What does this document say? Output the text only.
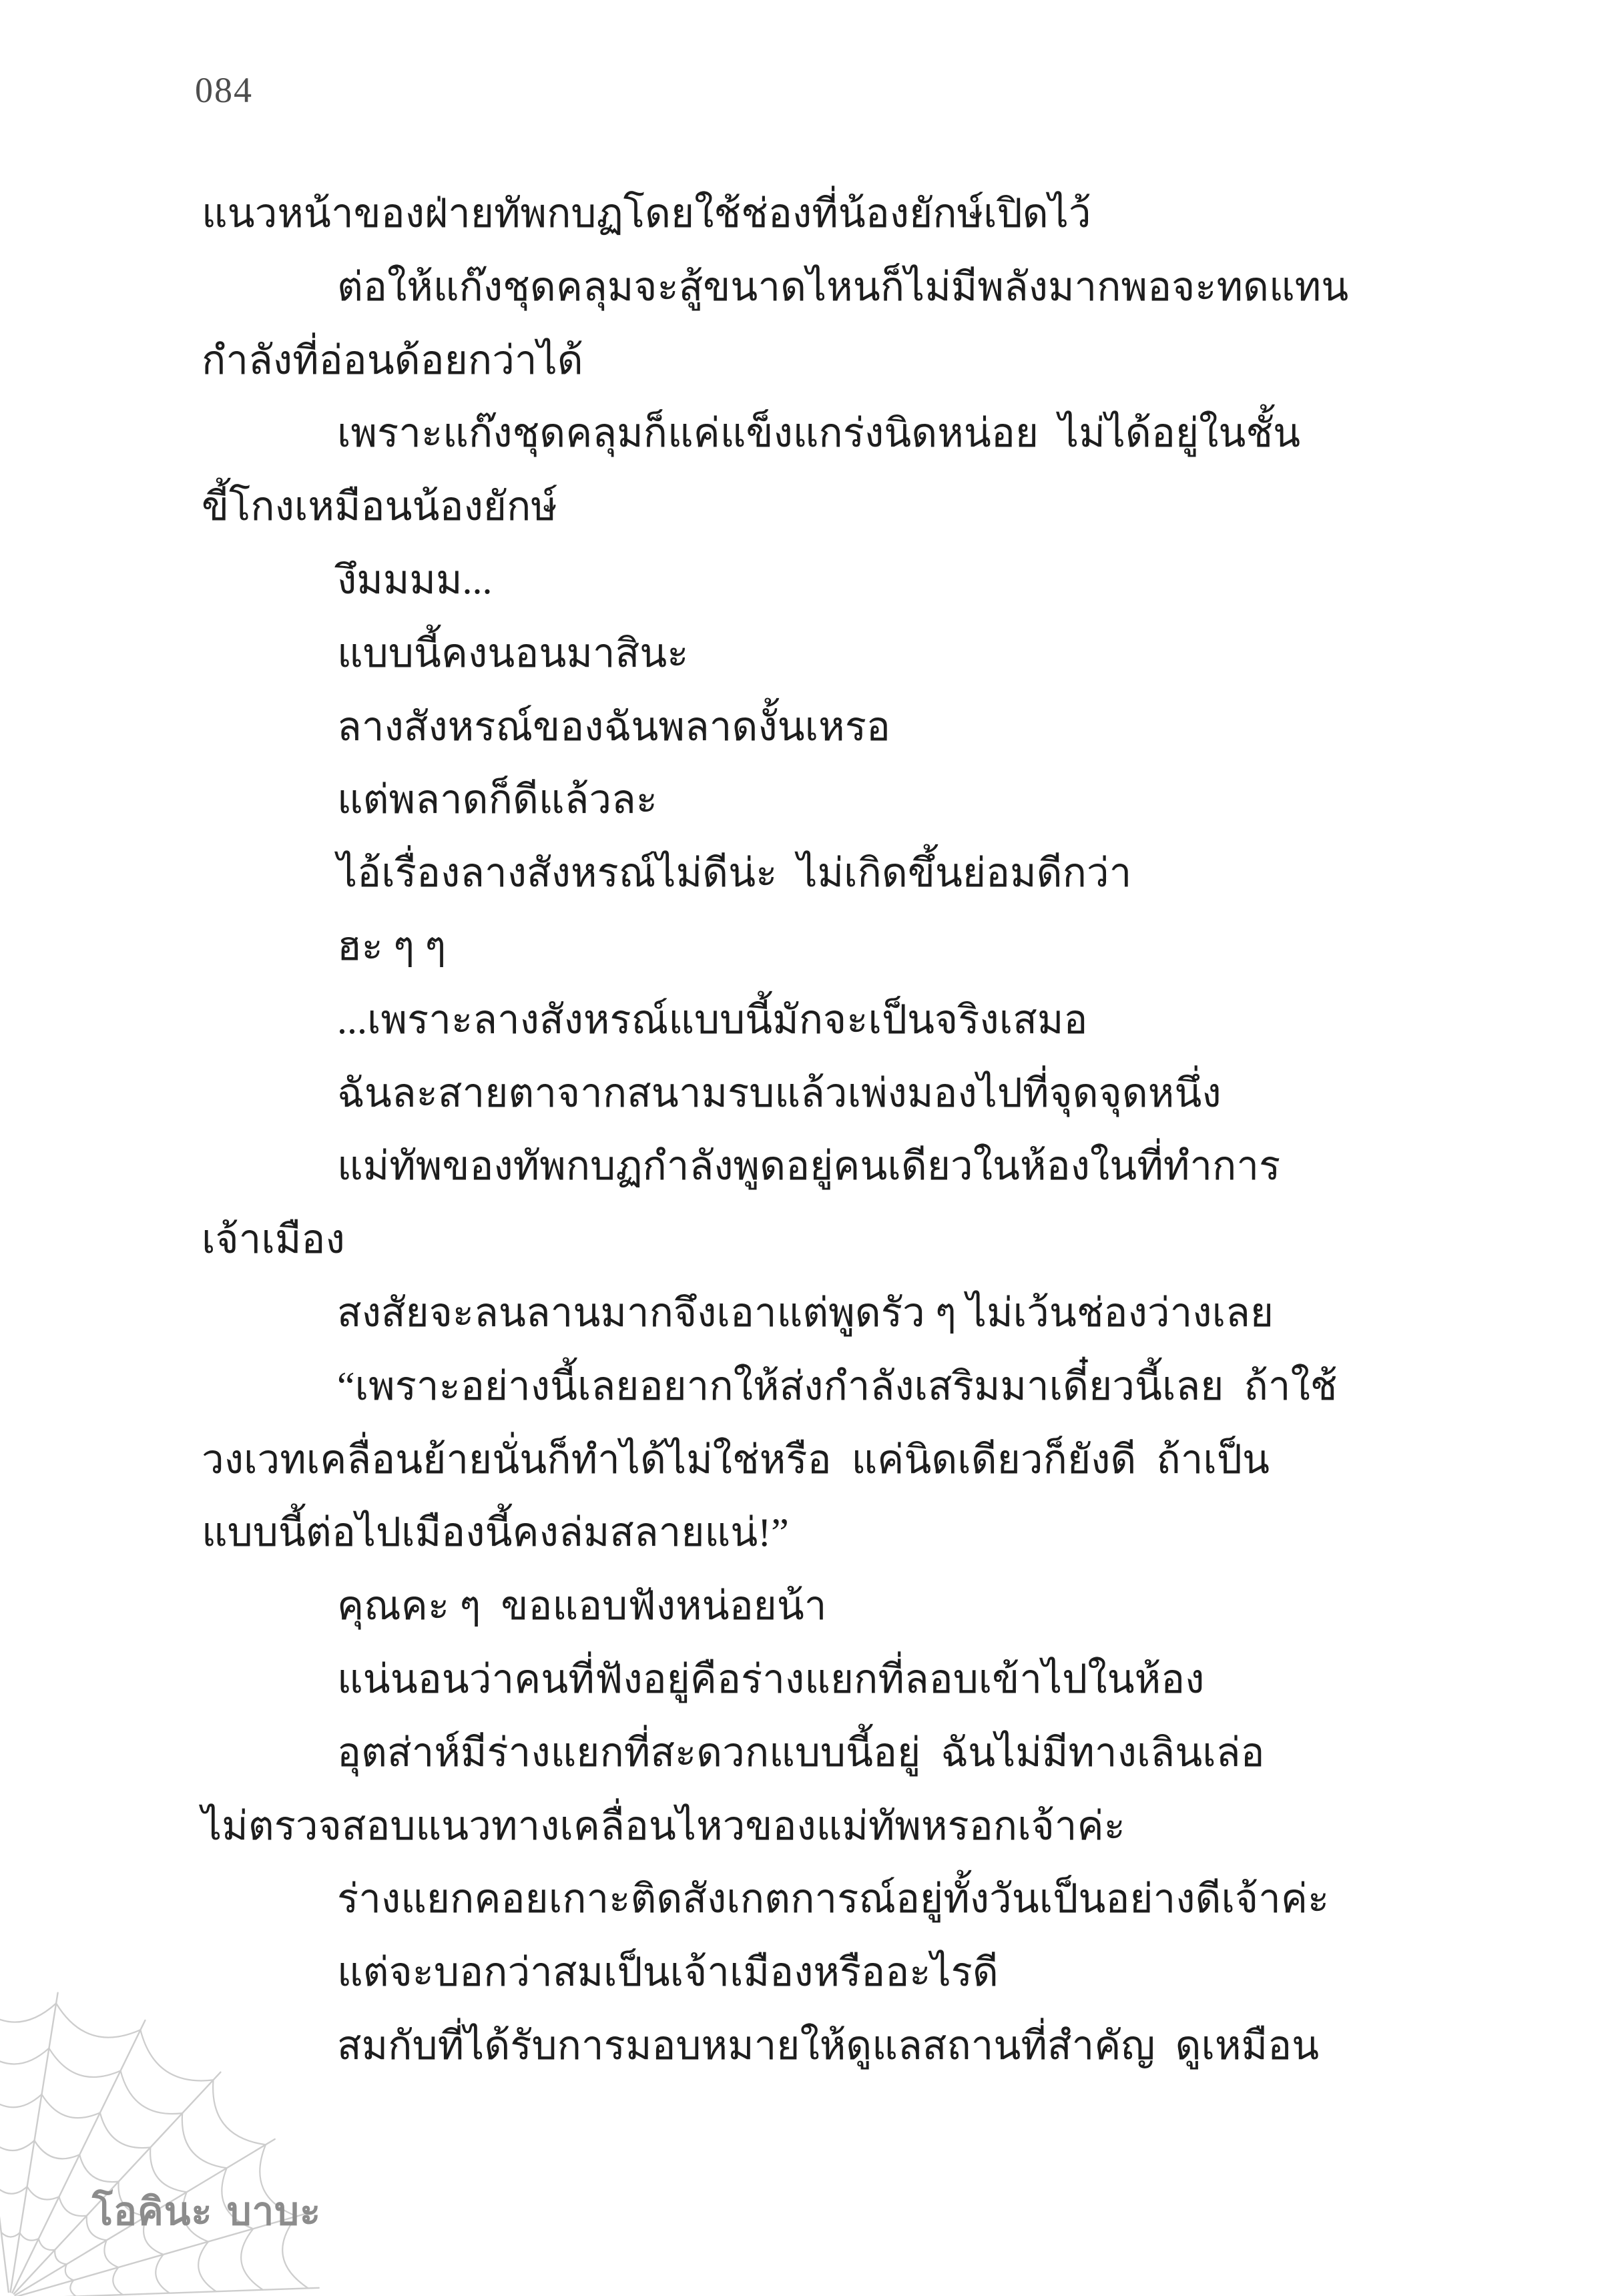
084
แนวหน้าของฝ่ายทัพกบฏโดยใช้ช่องที่น้องยักษ์เปิดไว้
ต่อให้แก๊งชุดคลุมจะสู้ขนาดไหนก็ไม่มีพลังมากพอจะทดแทน
กำลังที่อ่อนด้อยกว่าได้
เพราะแก๊งชุดคลุมก็แค่แข็งแกร่งนิดหน่อย  ไม่ได้อยู่ในชั้น
ขี้โกงเหมือนน้องยักษ์
งึมมมม...
แบบนี้คงนอนมาสินะ
ลางสังหรณ์ของฉันพลาดงั้นเหรอ
แต่พลาดก็ดีแล้วละ
ไอ้เรื่องลางสังหรณ์ไม่ดีน่ะ  ไม่เกิดขึ้นย่อมดีกว่า
ฮะ ๆ ๆ
...เพราะลางสังหรณ์แบบนี้มักจะเป็นจริงเสมอ
ฉันละสายตาจากสนามรบแล้วเพ่งมองไปที่จุดจุดหนึ่ง
แม่ทัพของทัพกบฏกำลังพูดอยู่คนเดียวในห้องในที่ทำการ
เจ้าเมือง
สงสัยจะลนลานมากจึงเอาแต่พูดรัว ๆ ไม่เว้นช่องว่างเลย
“เพราะอย่างนี้เลยอยากให้ส่งกำลังเสริมมาเดี๋ยวนี้เลย  ถ้าใช้
วงเวทเคลื่อนย้ายนั่นก็ทำได้ไม่ใช่หรือ  แค่นิดเดียวก็ยังดี  ถ้าเป็น
แบบนี้ต่อไปเมืองนี้คงล่มสลายแน่!”
คุณคะ ๆ  ขอแอบฟังหน่อยน้า
แน่นอนว่าคนที่ฟังอยู่คือร่างแยกที่ลอบเข้าไปในห้อง
อุตส่าห์มีร่างแยกที่สะดวกแบบนี้อยู่  ฉันไม่มีทางเลินเล่อ
ไม่ตรวจสอบแนวทางเคลื่อนไหวของแม่ทัพหรอกเจ้าค่ะ
ร่างแยกคอยเกาะติดสังเกตการณ์อยู่ทั้งวันเป็นอย่างดีเจ้าค่ะ
แต่จะบอกว่าสมเป็นเจ้าเมืองหรืออะไรดี
สมกับที่ได้รับการมอบหมายให้ดูแลสถานที่สำคัญ  ดูเหมือน
โอคินะ บาบะ
